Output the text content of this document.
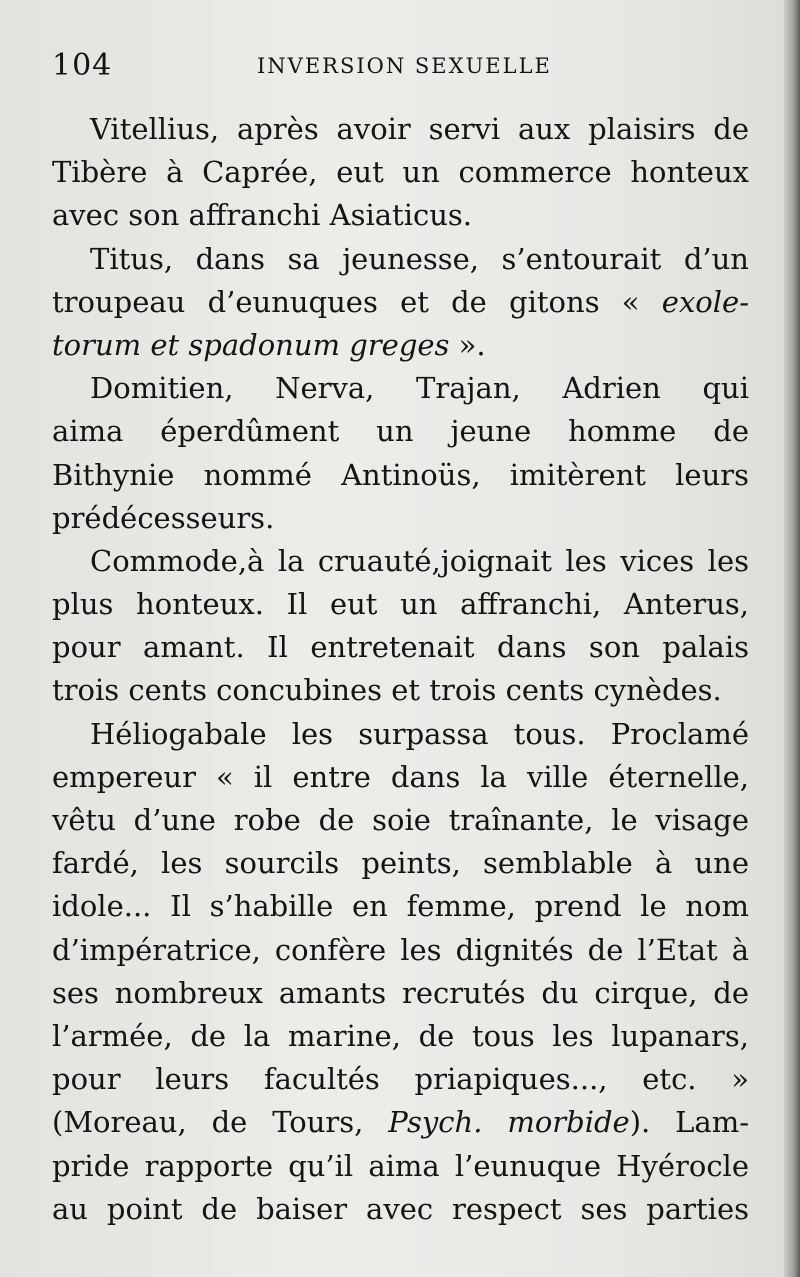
104	INVERSION SEXUELLE
Vitellius, après avoir servi aux plaisirs de
Tibère à Caprée, eut un commerce honteux
avec son affranchi Asiaticus.
Titus, dans sa jeunesse, s’entourait d’un
troupeau d’eunuques et de gitons « exole-
torum et spadonum greges ».
Domitien, Nerva, Trajan, Adrien qui
aima éperdûment un jeune homme de
Bithynie nommé Antinoüs, imitèrent leurs
prédécesseurs.
Commode,à la cruauté,joignait les vices les
plus honteux. Il eut un affranchi, Anterus,
pour amant. Il entretenait dans son palais
trois cents concubines et trois cents cynèdes.
Héliogabale les surpassa tous. Proclamé
empereur « il entre dans la ville éternelle,
vêtu d’une robe de soie traînante, le visage
fardé, les sourcils peints, semblable à une
idole... Il s’habille en femme, prend le nom
d’impératrice, confère les dignités de l’Etat à
ses nombreux amants recrutés du cirque, de
l’armée, de la marine, de tous les lupanars,
pour leurs facultés priapiques..., etc. »
(Moreau, de Tours, Psych. morbide). Lam-
pride rapporte qu’il aima l’eunuque Hyérocle
au point de baiser avec respect ses parties
